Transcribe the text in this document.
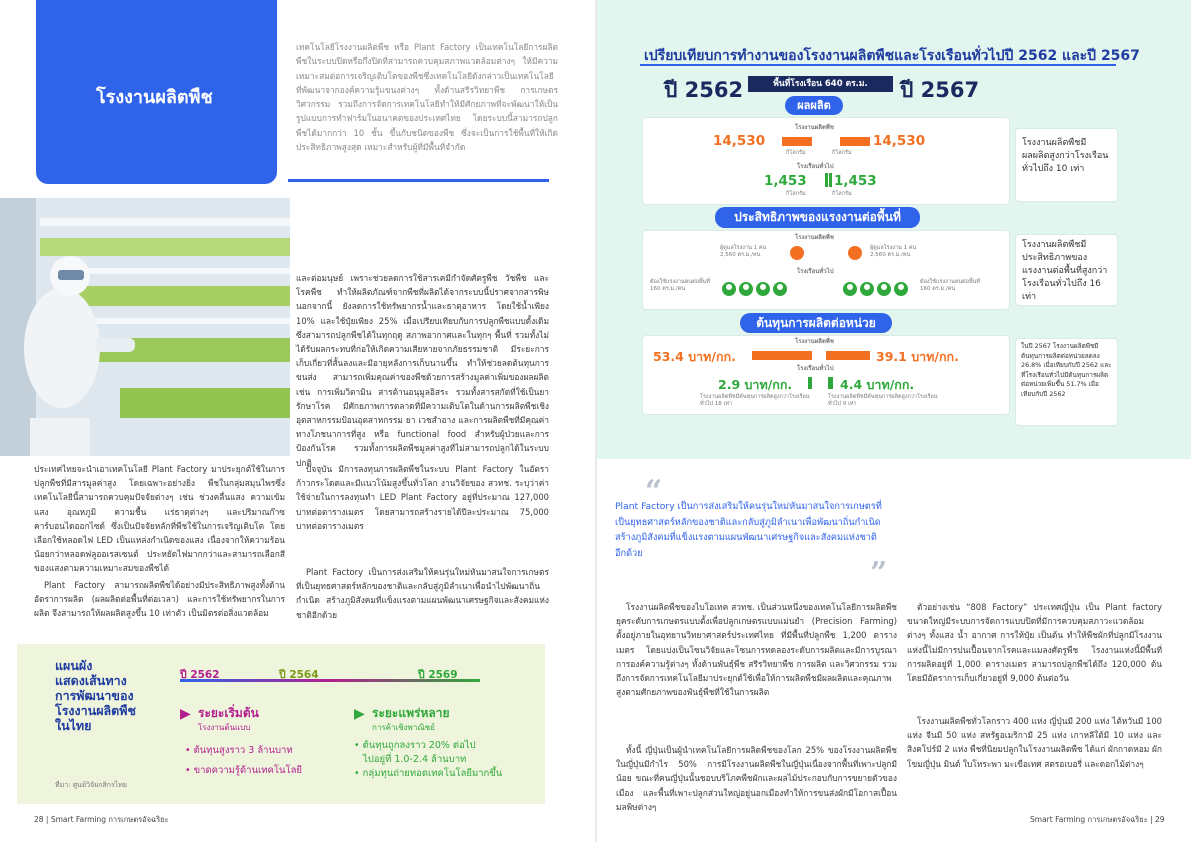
โรงงานผลิตพืช
เทคโนโลยีโรงงานผลิตพืช หรือ Plant Factory เป็นเทคโนโลยีการผลิตพืชในระบบปิดหรือกึ่งปิดที่สามารถควบคุมสภาพแวดล้อมต่างๆ ให้มีความเหมาะสมต่อการเจริญเติบโตของพืชซึ่งเทคโนโลยีดังกล่าวเป็นเทคโนโลยีที่พัฒนาจากองค์ความรู้แขนงต่างๆ ทั้งด้านสรีรวิทยาพืช การเกษตร วิศวกรรม รวมถึงการจัดการเทคโนโลยีทำให้มีศักยภาพที่จะพัฒนาให้เป็นรูปแบบการทำฟาร์มในอนาคตของประเทศไทย โดยระบบนี้สามารถปลูกพืชได้มากกว่า 10 ชั้น ขึ้นกับชนิดของพืช ซึ่งจะเป็นการใช้พื้นที่ให้เกิดประสิทธิภาพสูงสุด เหมาะสำหรับผู้ที่มีพื้นที่จำกัด
ประเทศไทยจะนำเอาเทคโนโลยี Plant Factory มาประยุกต์ใช้ในการปลูกพืชที่มีสารมูลค่าสูง โดยเฉพาะอย่างยิ่ง พืชในกลุ่มสมุนไพรซึ่งเทคโนโลยีนี้สามารถควบคุมปัจจัยต่างๆ เช่น ช่วงคลื่นแสง ความเข้มแสง อุณหภูมิ ความชื้น แร่ธาตุต่างๆ และปริมาณก๊าซคาร์บอนไดออกไซด์ ซึ่งเป็นปัจจัยหลักที่พืชใช้ในการเจริญเติบโต โดยเลือกใช้หลอดไฟ LED เป็นแหล่งกำเนิดของแสง เนื่องจากให้ความร้อนน้อยกว่าหลอดฟลูออเรสเซนต์ ประหยัดไฟมากกว่าและสามารถเลือกสีของแสงตามความเหมาะสมของพืชได้
Plant Factory สามารถผลิตพืชได้อย่างมีประสิทธิภาพสูงทั้งด้านอัตราการผลิต (ผลผลิตต่อพื้นที่ต่อเวลา) และการใช้ทรัพยากรในการผลิต จึงสามารถให้ผลผลิตสูงขึ้น 10 เท่าตัว เป็นมิตรต่อสิ่งแวดล้อม
และต่อมนุษย์ เพราะช่วยลดการใช้สารเคมีกำจัดศัตรูพืช วัชพืช และโรคพืช ทำให้ผลิตภัณฑ์จากพืชที่ผลิตได้จากระบบนี้ปราศจากสารพิษ นอกจากนี้ ยังลดการใช้ทรัพยากรน้ำและธาตุอาหาร โดยใช้น้ำเพียง 10% และใช้ปุ๋ยเพียง 25% เมื่อเปรียบเทียบกับการปลูกพืชแบบดั้งเดิม ซึ่งสามารถปลูกพืชได้ในทุกฤดู สภาพอากาศและในทุกๆ พื้นที่ รวมทั้งไม่ได้รับผลกระทบที่ก่อให้เกิดความเสียหายจากภัยธรรมชาติ มีระยะการเก็บเกี่ยวที่สั้นลงและมีอายุหลังการเก็บนานขึ้น ทำให้ช่วยลดต้นทุนการขนส่ง สามารถเพิ่มคุณค่าของพืชด้วยการสร้างมูลค่าเพิ่มของผลผลิต เช่น การเพิ่มวิตามิน สารต้านอนุมูลอิสระ รวมทั้งสารสกัดที่ใช้เป็นยารักษาโรค มีศักยภาพการตลาดที่มีความเติบโตในด้านการผลิตพืชเชิงอุตสาหกรรมป้อนอุตสาหกรรม ยา เวชสำอาง และการผลิตพืชที่มีคุณค่าทางโภชนาการที่สูง หรือ functional food สำหรับผู้ป่วยและการป้องกันโรค รวมทั้งการผลิตพืชมูลค่าสูงที่ไม่สามารถปลูกได้ในระบบปกติ
ปัจจุบัน มีการลงทุนการผลิตพืชในระบบ Plant Factory ในอัตราก้าวกระโดดและมีแนวโน้มสูงขึ้นทั่วโลก งานวิจัยของ สวทช. ระบุว่าค่าใช้จ่ายในการลงทุนทำ LED Plant Factory อยู่ที่ประมาณ 127,000 บาทต่อตารางเมตร โดยสามารถสร้างรายได้ปีละประมาณ 75,000 บาทต่อตารางเมตร
Plant Factory เป็นการส่งเสริมให้คนรุ่นใหม่หันมาสนใจการเกษตรที่เป็นยุทธศาสตร์หลักของชาติและกลับสู่ภูมิลำเนาเพื่อนำไปพัฒนาถิ่นกำเนิด สร้างภูมิสังคมที่แข็งแรงตามแผนพัฒนาเศรษฐกิจและสังคมแห่งชาติอีกด้วย
แผนผัง
แสดงเส้นทาง
การพัฒนาของ
โรงงานผลิตพืช
ในไทย
ที่มา: ศูนย์วิจัยกสิกรไทย
ปี 2562	ปี 2564	ปี 2569
▶ ระยะเริ่มต้น
โรงงานต้นแบบ
• ต้นทุนสูงราว 3 ล้านบาท
• ขาดความรู้ด้านเทคโนโลยี
▶ ระยะแพร่หลาย
การค้าเชิงพาณิชย์
• ต้นทุนถูกลงราว 20% ต่อไป
ไปอยู่ที่ 1.0-2.4 ล้านบาท
• กลุ่มทุนถ่ายทอดเทคโนโลยีมากขึ้น
28 | Smart Farming การเกษตรอัจฉริยะ
เปรียบเทียบการทำงานของโรงงานผลิตพืชและโรงเรือนทั่วไปปี 2562 และปี 2567
ปี 2562	ปี 2567
พื้นที่โรงเรือน 640 ตร.ม.
ผลผลิต
โรงงานผลิตพืช
14,530	14,530
กิโลกรัม	กิโลกรัม
โรงเรือนทั่วไป
1,453 1,453
กิโลกรัม	กิโลกรัม
โรงงานผลิตพืชมีผลผลิตสูงกว่าโรงเรือนทั่วไปถึง 10 เท่า
ประสิทธิภาพของแรงงานต่อพื้นที่
โรงงานผลิตพืช
ผู้ดูแลโรงงาน 1 คน 2,560 ตร.ม./คน
ผู้ดูแลโรงงาน 1 คน 2,560 ตร.ม./คน
โรงเรือนทั่วไป
ต้องใช้แรงงานคนต่อพื้นที่ 160 ตร.ม./คน
ต้องใช้แรงงานคนต่อพื้นที่ 160 ตร.ม./คน
โรงงานผลิตพืชมีประสิทธิภาพของแรงงานต่อพื้นที่สูงกว่าโรงเรือนทั่วไปถึง 16 เท่า
ต้นทุนการผลิตต่อหน่วย
โรงงานผลิตพืช
53.4 บาท/กก.	39.1 บาท/กก.
โรงเรือนทั่วไป
2.9 บาท/กก.	4.4 บาท/กก.
โรงงานผลิตพืชมีต้นทุนการผลิตสูงกว่าโรงเรือนทั่วไป 18 เท่า
โรงงานผลิตพืชมีต้นทุนการผลิตสูงกว่าโรงเรือนทั่วไป 9 เท่า
ในปี 2567 โรงงานผลิตพืชมีต้นทุนการผลิตต่อหน่วยลดลง 26.8% เมื่อเทียบกับปี 2562 และที่โรงเรือนทั่วไปมีต้นทุนการผลิตต่อหน่วยเพิ่มขึ้น 51.7% เมื่อเทียบกับปี 2562
“
Plant Factory เป็นการส่งเสริมให้คนรุ่นใหม่หันมาสนใจการเกษตรที่เป็นยุทธศาสตร์หลักของชาติและกลับสู่ภูมิลำเนาเพื่อพัฒนาถิ่นกำเนิด สร้างภูมิสังคมที่แข็งแรงตามแผนพัฒนาเศรษฐกิจและสังคมแห่งชาติอีกด้วย
”
โรงงานผลิตพืชของไบโอเทค สวทช. เป็นส่วนหนึ่งของเทคโนโลยีการผลิตพืชยุคระดับการเกษตรแบบตั้งเพื่อปลูกเกษตรแบบแม่นยำ (Precision Farming) ตั้งอยู่ภายในอุทยานวิทยาศาสตร์ประเทศไทย ที่มีพื้นที่ปลูกพืช 1,200 ตารางเมตร โดยแบ่งเป็นโซนวิจัยและโซนการทดลองระดับการผลิตและมีการบูรณาการองค์ความรู้ต่างๆ ทั้งด้านพันธุ์พืช สรีรวิทยาพืช การผลิต และวิศวกรรม รวมถึงการจัดการเทคโนโลยีมาประยุกต์ใช้เพื่อให้การผลิตพืชมีผลผลิตและคุณภาพสูงตามศักยภาพของพันธุ์พืชที่ใช้ในการผลิต
ทั้งนี้ ญี่ปุ่นเป็นผู้นำเทคโนโลยีการผลิตพืชของโลก 25% ของโรงงานผลิตพืชในญี่ปุ่นมีกำไร 50% การมีโรงงานผลิตพืชในญี่ปุ่นเนื่องจากพื้นที่เพาะปลูกมีน้อย ขณะที่คนญี่ปุ่นนั้นชอบบริโภคพืชผักและผลไม้ประกอบกับการขยายตัวของเมือง และพื้นที่เพาะปลูกส่วนใหญ่อยู่นอกเมืองทำให้การขนส่งผักมีโอกาสเปื้อนมลพิษต่างๆ
ตัวอย่างเช่น “808 Factory” ประเทศญี่ปุ่น เป็น Plant factory ขนาดใหญ่มีระบบการจัดการแบบปิดที่มีการควบคุมสภาวะแวดล้อมต่างๆ ทั้งแสง น้ำ อากาศ การให้ปุ๋ย เป็นต้น ทำให้พืชผักที่ปลูกมีโรงงานแห่งนี้ไม่มีการปนเปื้อนจากโรคและแมลงศัตรูพืช โรงงานแห่งนี้มีพื้นที่การผลิตอยู่ที่ 1,000 ตารางเมตร สามารถปลูกพืชได้ถึง 120,000 ต้น โดยมีอัตราการเก็บเกี่ยวอยู่ที่ 9,000 ต้นต่อวัน
โรงงานผลิตพืชทั่วโลกราว 400 แห่ง ญี่ปุ่นมี 200 แห่ง ไต้หวันมี 100 แห่ง จีนมี 50 แห่ง สหรัฐอเมริกามี 25 แห่ง เกาหลีใต้มี 10 แห่ง และสิงคโปร์มี 2 แห่ง พืชที่นิยมปลูกในโรงงานผลิตพืช ได้แก่ ผักกาดหอม ผักโขมญี่ปุ่น มินต์ ใบโหระพา มะเขือเทศ สตรอเบอรี่ และดอกไม้ต่างๆ
Smart Farming การเกษตรอัจฉริยะ | 29
